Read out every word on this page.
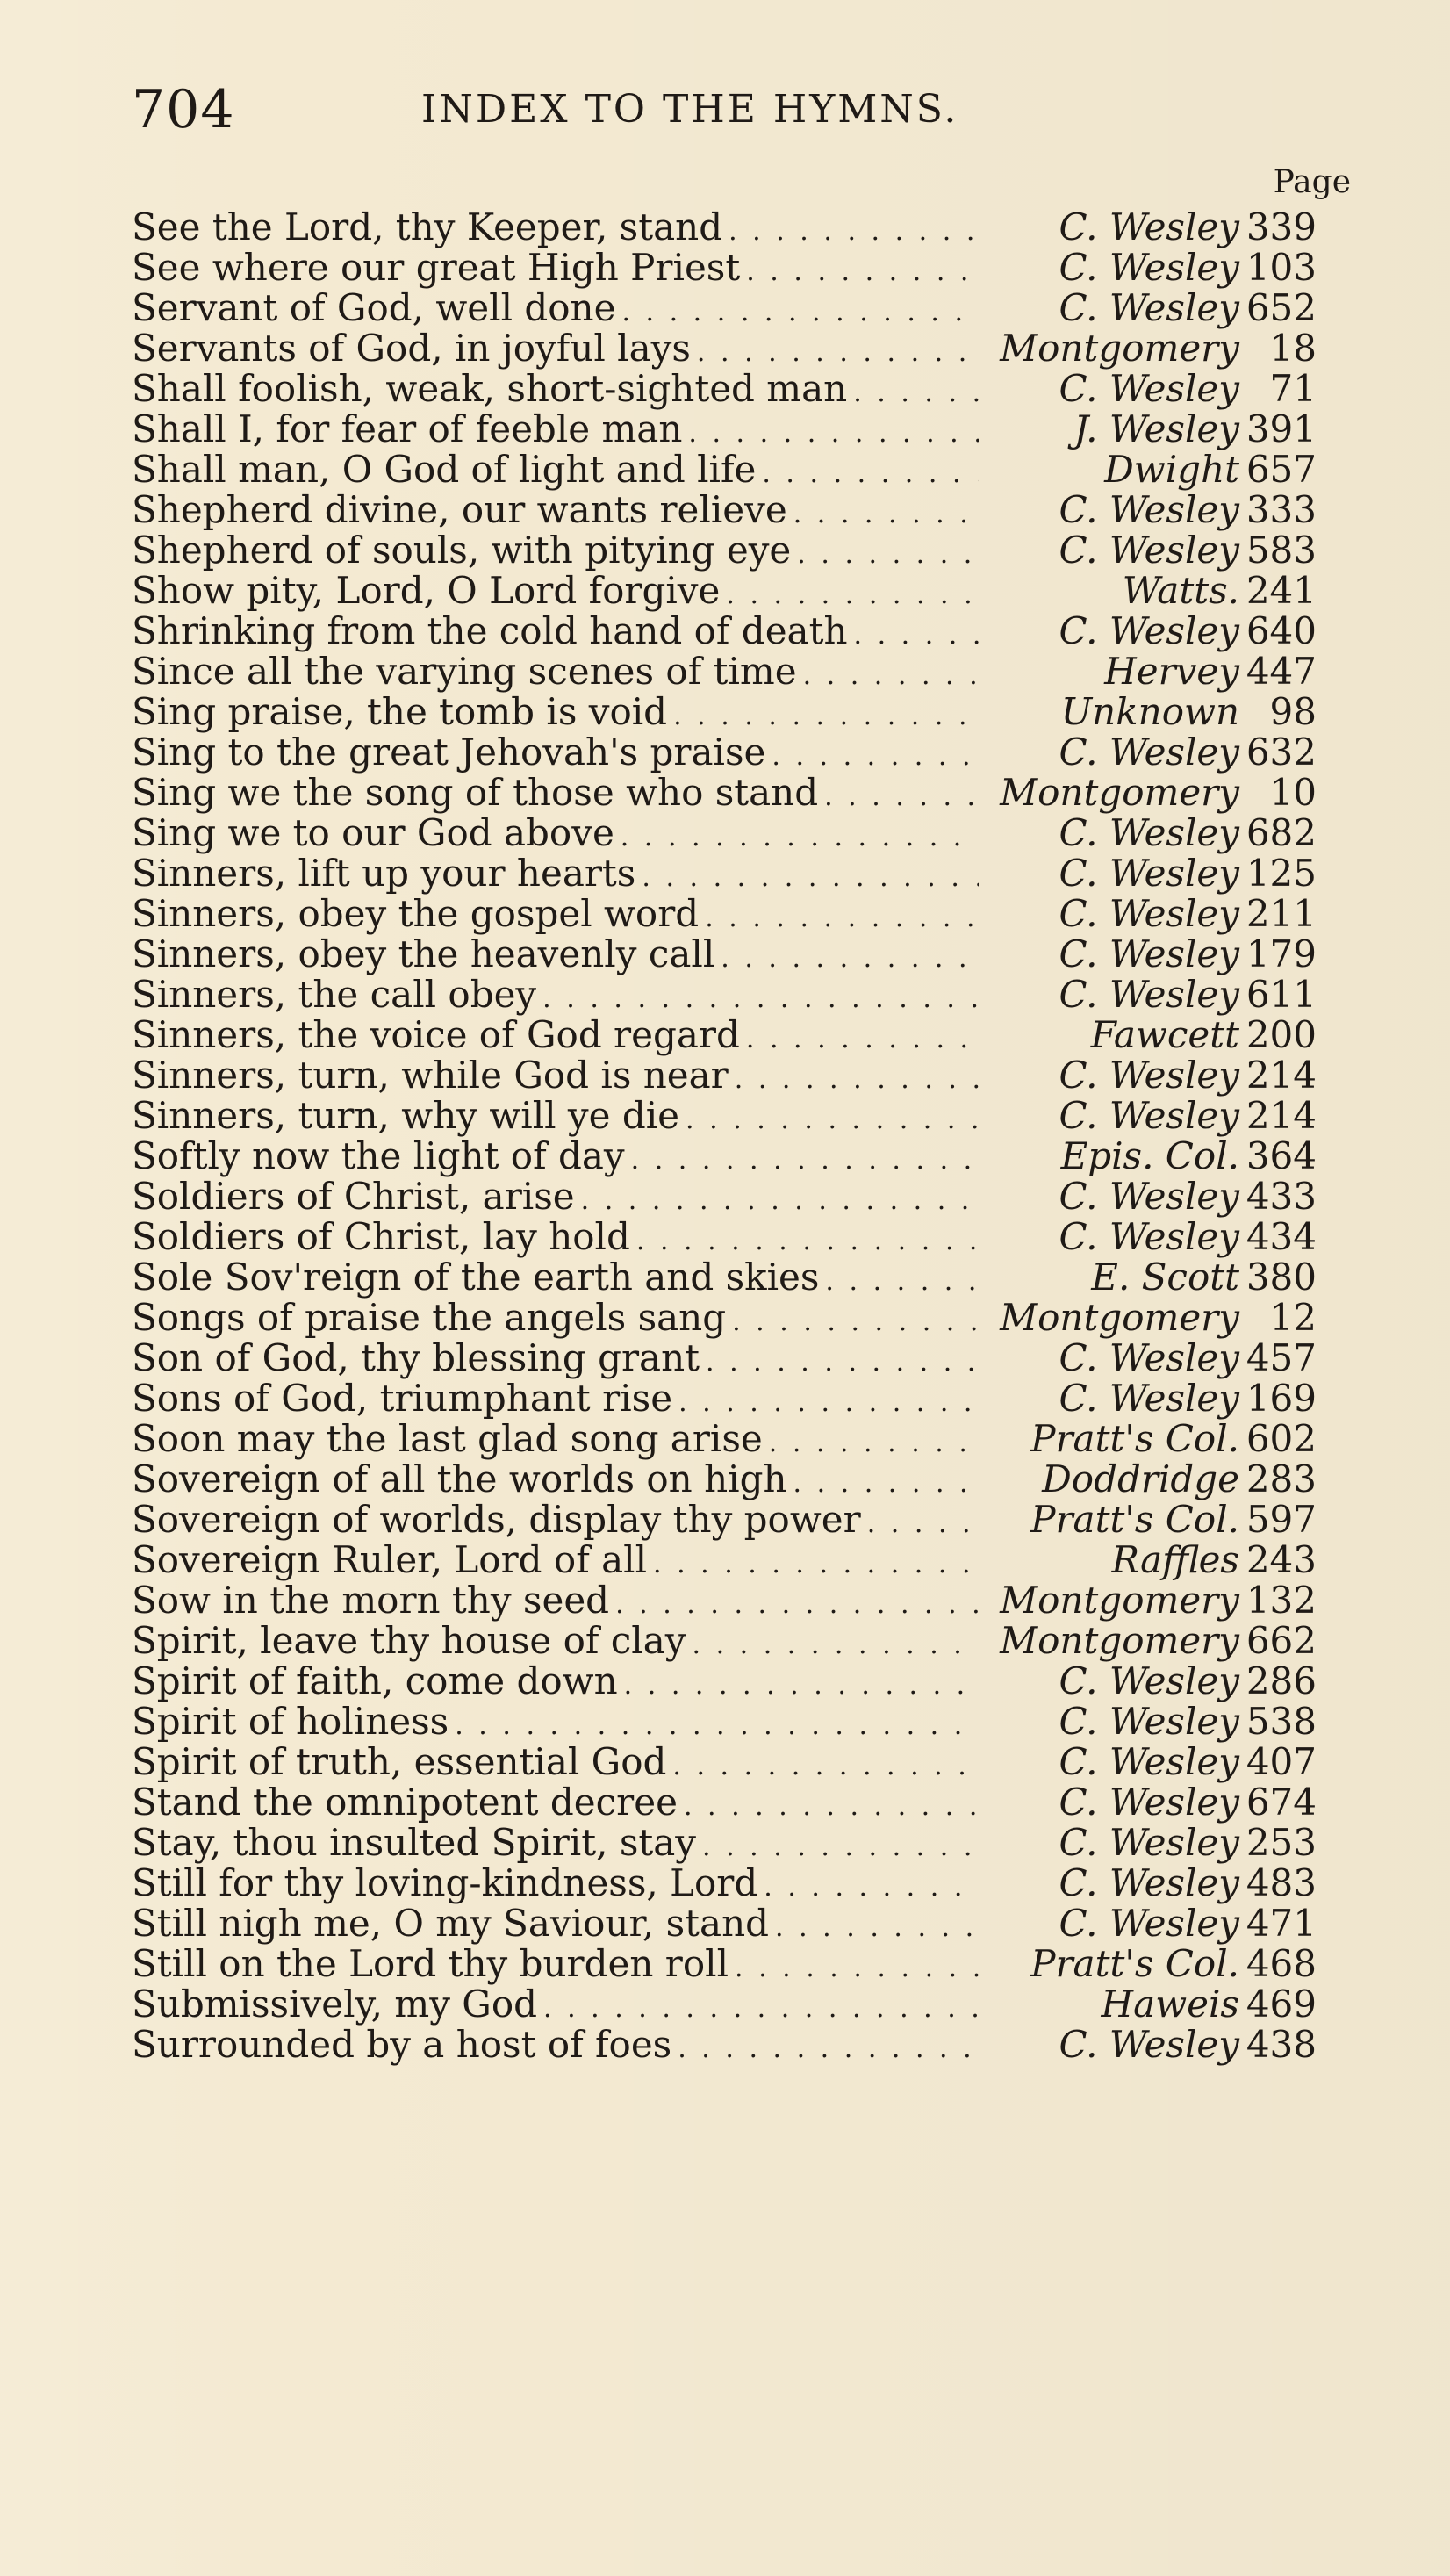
704	INDEX TO THE HYMNS.
Page
See the Lord, thy Keeper, stand . . .	C. Wesley 339
See where our great High Priest . . .	C. Wesley 103
Servant of God, well done . . .	C. Wesley 652
Servants of God, in joyful lays . . .	Montgomery 18
Shall foolish, weak, short-sighted man . . .	C. Wesley 71
Shall I, for fear of feeble man . . .	J. Wesley 391
Shall man, O God of light and life . . .	Dwight 657
Shepherd divine, our wants relieve . . .	C. Wesley 333
Shepherd of souls, with pitying eye . . .	C. Wesley 583
Show pity, Lord, O Lord forgive . . .	Watts. 241
Shrinking from the cold hand of death . . .	C. Wesley 640
Since all the varying scenes of time . . .	Hervey 447
Sing praise, the tomb is void . . .	Unknown 98
Sing to the great Jehovah's praise . . .	C. Wesley 632
Sing we the song of those who stand . . .	Montgomery 10
Sing we to our God above . . .	C. Wesley 682
Sinners, lift up your hearts . . .	C. Wesley 125
Sinners, obey the gospel word . . .	C. Wesley 211
Sinners, obey the heavenly call . . .	C. Wesley 179
Sinners, the call obey . . .	C. Wesley 611
Sinners, the voice of God regard . . .	Fawcett 200
Sinners, turn, while God is near . . .	C. Wesley 214
Sinners, turn, why will ye die . . .	C. Wesley 214
Softly now the light of day . . .	Epis. Col. 364
Soldiers of Christ, arise . . .	C. Wesley 433
Soldiers of Christ, lay hold . . .	C. Wesley 434
Sole Sov'reign of the earth and skies . . .	E. Scott 380
Songs of praise the angels sang . . .	Montgomery 12
Son of God, thy blessing grant . . .	C. Wesley 457
Sons of God, triumphant rise . . .	C. Wesley 169
Soon may the last glad song arise . . .	Pratt's Col. 602
Sovereign of all the worlds on high . . .	Doddridge 283
Sovereign of worlds, display thy power . . .	Pratt's Col. 597
Sovereign Ruler, Lord of all . . .	Raffles 243
Sow in the morn thy seed . . .	Montgomery 132
Spirit, leave thy house of clay . . .	Montgomery 662
Spirit of faith, come down . . .	C. Wesley 286
Spirit of holiness . . .	C. Wesley 538
Spirit of truth, essential God . . .	C. Wesley 407
Stand the omnipotent decree . . .	C. Wesley 674
Stay, thou insulted Spirit, stay . . .	C. Wesley 253
Still for thy loving-kindness, Lord . . .	C. Wesley 483
Still nigh me, O my Saviour, stand . . .	C. Wesley 471
Still on the Lord thy burden roll . . .	Pratt's Col. 468
Submissively, my God . . .	Haweis 469
Surrounded by a host of foes . . .	C. Wesley 438
